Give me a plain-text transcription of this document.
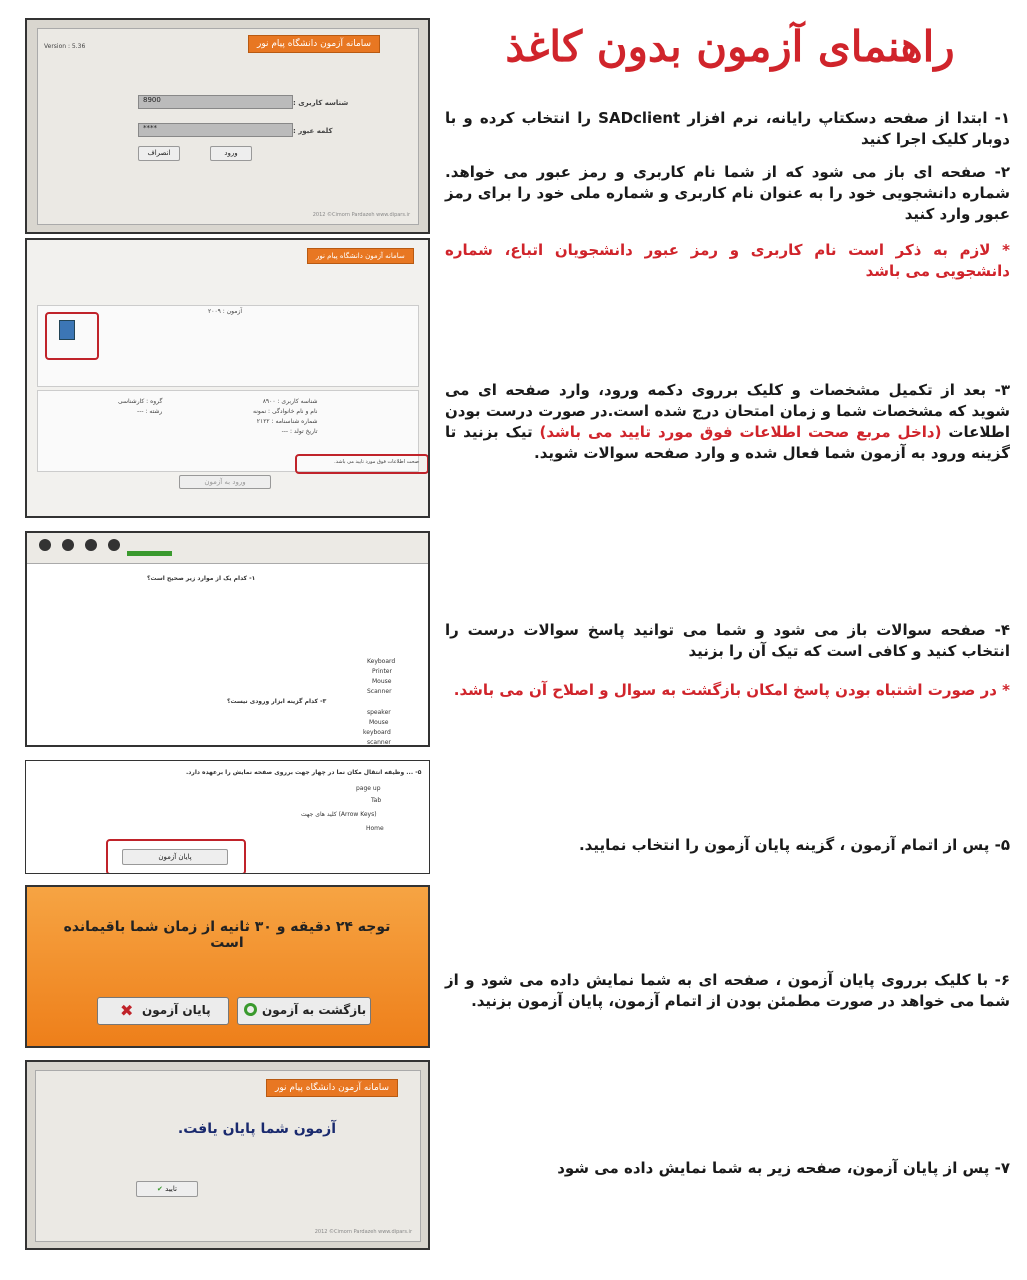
راهنمای آزمون بدون کاغذ
۱- ابتدا از صفحه دسکتاپ رایانه، نرم افزار SADclient را انتخاب کرده و با دوبار کلیک اجرا کنید
۲- صفحه ای باز می شود که از شما نام کاربری و رمز عبور می خواهد. شماره دانشجویی خود را به عنوان نام کاربری و شماره ملی خود را برای رمز عبور وارد کنید
* لازم به ذکر است نام کاربری و رمز عبور دانشجویان اتباع، شماره دانشجویی می باشد
۳- بعد از تکمیل مشخصات و کلیک برروی دکمه ورود، وارد صفحه ای می شوید که مشخصات شما و زمان امتحان درج شده است.در صورت درست بودن اطلاعات (داخل مربع صحت اطلاعات فوق مورد تایید می باشد) تیک بزنید تا گزینه ورود به آزمون شما فعال شده و وارد صفحه سوالات شوید.
۴- صفحه سوالات باز می شود و شما می توانید پاسخ سوالات درست را انتخاب کنید و کافی است که تیک آن را بزنید
* در صورت اشتباه بودن پاسخ امکان بازگشت به سوال و اصلاح آن می باشد.
۵- پس از اتمام آزمون ، گزینه پایان آزمون را انتخاب نمایید.
۶- با کلیک برروی پایان آزمون ، صفحه ای به شما نمایش داده می شود و از شما می خواهد در صورت مطمئن بودن از اتمام آزمون، پایان آزمون بزنید.
۷- پس از پایان آزمون، صفحه زیر به شما نمایش داده می شود
Version : 5.36	سامانه آزمون دانشگاه پیام نور
شناسه کاربری :
8900
کلمه عبور :
****
ورود
انصراف
2012 ©Cimorn Pardazeh www.dipars.ir
سامانه آزمون دانشگاه پیام نور
آزمون : ۲۰۰۹
شناسه کاربری : ۸۹۰۰
نام و نام خانوادگی : نمونه
شماره شناسنامه : ۲۱۲۲
تاریخ تولد : ---
گروه : کارشناسی
رشته : ---
صحت اطلاعات فوق مورد تایید می باشد.
ورود به آزمون
۱- کدام یک از موارد زیر صحیح است؟
Keyboard
Printer
Mouse
Scanner
۳- کدام گزینه ابزار ورودی نیست؟
speaker
Mouse
keyboard
scanner
۵- ... وظیفه انتقال مکان نما در چهار جهت برروی صفحه نمایش را برعهده دارد.
page up
Tab
(Arrow Keys) کلید های جهت
Home
پایان آزمون
توجه ۲۴ دقیقه و ۳۰ ثانیه از زمان شما باقیمانده است
بازگشت به آزمون
✖ پایان آزمون
سامانه آزمون دانشگاه پیام نور
آزمون شما پایان یافت.
✔ تایید
2012 ©Cimorn Pardazeh www.dipars.ir
